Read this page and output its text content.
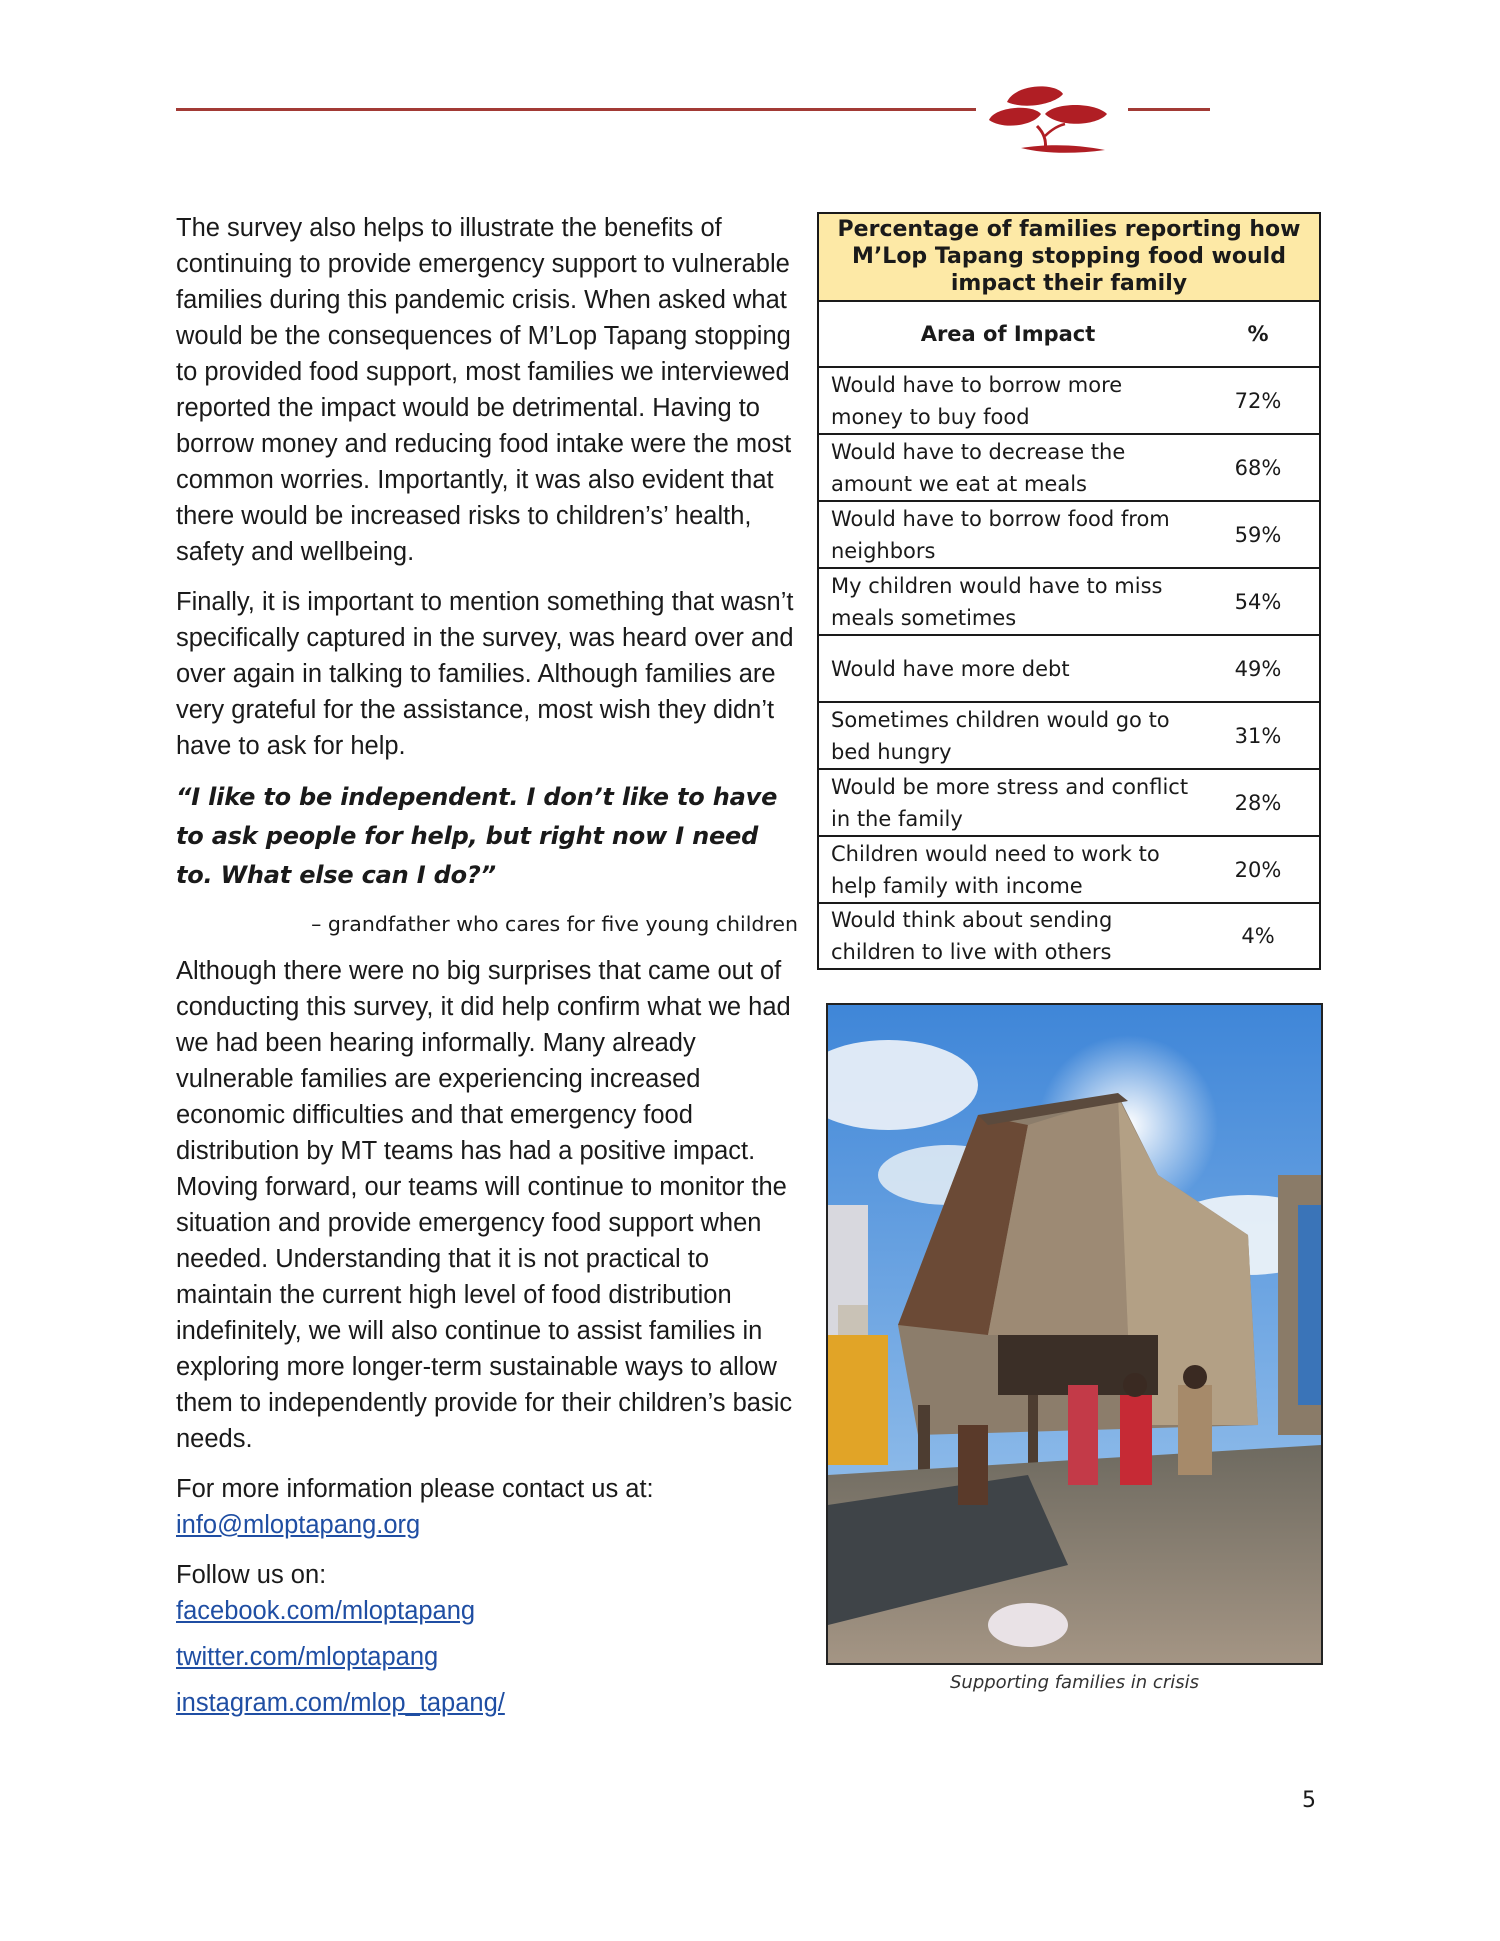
The survey also helps to illustrate the benefits of continuing to provide emergency support to vulnerable families during this pandemic crisis. When asked what would be the consequences of M’Lop Tapang stopping to provided food support, most families we interviewed reported the impact would be detrimental. Having to borrow money and reducing food intake were the most common worries. Importantly, it was also evident that there would be increased risks to children’s’ health, safety and wellbeing.

Finally, it is important to mention something that wasn’t specifically captured in the survey, was heard over and over again in talking to families. Although families are very grateful for the assistance, most wish they didn’t have to ask for help.

“I like to be independent. I don’t like to have to ask people for help, but right now I need to. What else can I do?”

– grandfather who cares for five young children

Although there were no big surprises that came out of conducting this survey, it did help confirm what we had we had been hearing informally. Many already vulnerable families are experiencing increased economic difficulties and that emergency food distribution by MT teams has had a positive impact. Moving forward, our teams will continue to monitor the situation and provide emergency food support when needed. Understanding that it is not practical to maintain the current high level of food distribution indefinitely, we will also continue to assist families in exploring more longer-term sustainable ways to allow them to independently provide for their children’s basic needs.

For more information please contact us at:
info@mloptapang.org

Follow us on:
facebook.com/mloptapang
twitter.com/mloptapang
instagram.com/mlop_tapang/
Percentage of families reporting how M’Lop Tapang stopping food would impact their family
Area of Impact	%
Would have to borrow more money to buy food
72%
Would have to decrease the amount we eat at meals
68%
Would have to borrow food from neighbors
59%
My children would have to miss meals sometimes
54%
Would have more debt	49%
Sometimes children would go to bed hungry
31%
Would be more stress and conflict in the family
28%
Children would need to work to help family with income
20%
Would think about sending children to live with others
4%
Supporting families in crisis
5
